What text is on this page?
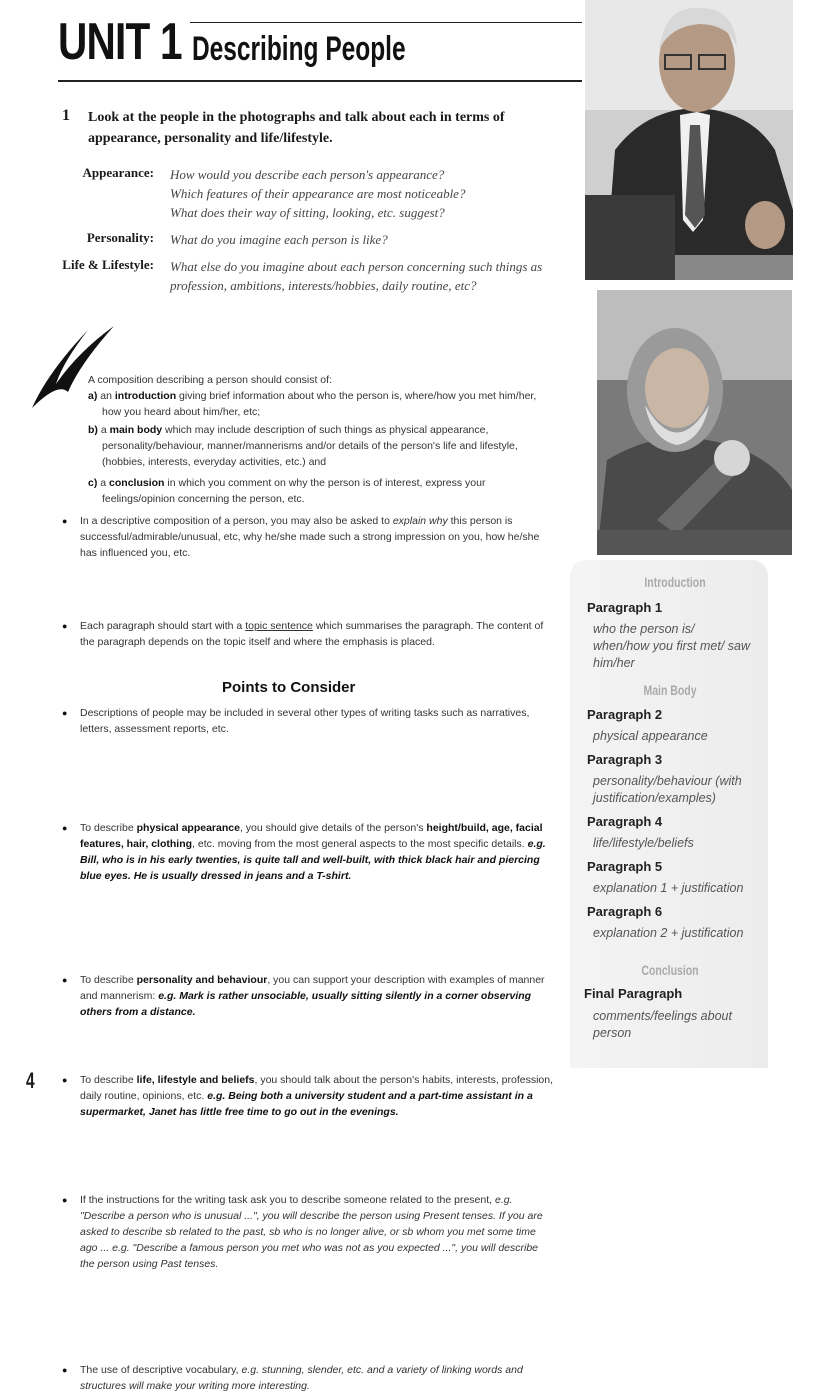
UNIT 1 Describing People
1 Look at the people in the photographs and talk about each in terms of appearance, personality and life/lifestyle.
Appearance: How would you describe each person's appearance?
Which features of their appearance are most noticeable?
What does their way of sitting, looking, etc. suggest?
Personality: What do you imagine each person is like?
Life & Lifestyle: What else do you imagine about each person concerning such things as
profession, ambitions, interests/hobbies, daily routine, etc?
A composition describing a person should consist of:
a) an introduction giving brief information about who the person is, where/how you met him/her, how you heard about him/her, etc;
b) a main body which may include description of such things as physical appearance, personality/behaviour, manner/mannerisms and/or details of the person's life and lifestyle, (hobbies, interests, everyday activities, etc.) and
c) a conclusion in which you comment on why the person is of interest, express your feelings/opinion concerning the person, etc.
● In a descriptive composition of a person, you may also be asked to explain why this person is successful/admirable/unusual, etc, why he/she made such a strong impression on you, how he/she has influenced you, etc.
● Each paragraph should start with a topic sentence which summarises the paragraph. The content of the paragraph depends on the topic itself and where the emphasis is placed.
● Descriptions of people may be included in several other types of writing tasks such as narratives, letters, assessment reports, etc.
Points to Consider
● To describe physical appearance, you should give details of the person's height/build, age, facial features, hair, clothing, etc. moving from the most general aspects to the most specific details. e.g. Bill, who is in his early twenties, is quite tall and well-built, with thick black hair and piercing blue eyes. He is usually dressed in jeans and a T-shirt.
● To describe personality and behaviour, you can support your description with examples of manner and mannerism: e.g. Mark is rather unsociable, usually sitting silently in a corner observing others from a distance.
● To describe life, lifestyle and beliefs, you should talk about the person's habits, interests, profession, daily routine, opinions, etc. e.g. Being both a university student and a part-time assistant in a supermarket, Janet has little free time to go out in the evenings.
● If the instructions for the writing task ask you to describe someone related to the present, e.g. "Describe a person who is unusual ...", you will describe the person using Present tenses. If you are asked to describe sb related to the past, sb who is no longer alive, or sb whom you met some time ago ... e.g. "Describe a famous person you met who was not as you expected ...", you will describe the person using Past tenses.
● The use of descriptive vocabulary, e.g. stunning, slender, etc. and a variety of linking words and structures will make your writing more interesting.
Introduction
Paragraph 1
who the person is/ when/how you first met/ saw him/her
Main Body
Paragraph 2
physical appearance
Paragraph 3
personality/behaviour (with justification/examples)
Paragraph 4
life/lifestyle/beliefs
Paragraph 5
explanation 1 + justification
Paragraph 6
explanation 2 + justification
Conclusion
Final Paragraph
comments/feelings about person
4
